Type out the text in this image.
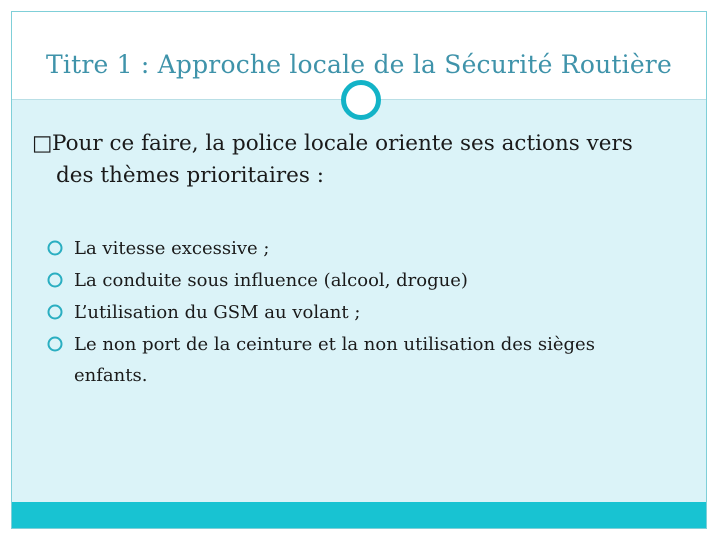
Titre 1 : Approche locale de la Sécurité Routière
□Pour ce faire, la police locale oriente ses actions vers
des thèmes prioritaires :
La vitesse excessive ;
La conduite sous influence (alcool, drogue)
L’utilisation du GSM au volant ;
Le non port de la ceinture et la non utilisation des sièges
enfants.
